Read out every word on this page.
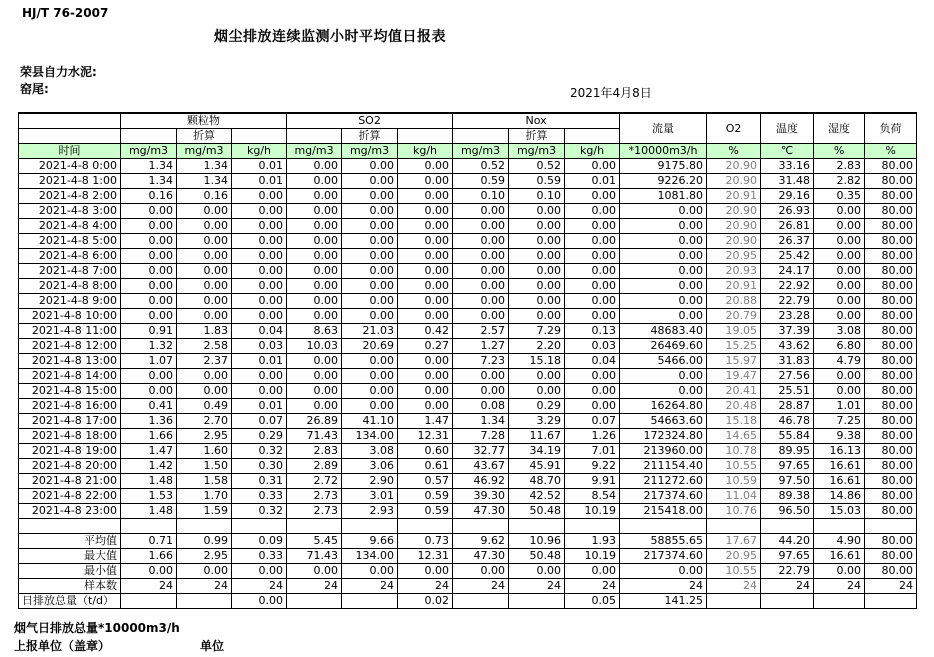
HJ/T 76-2007
烟尘排放连续监测小时平均值日报表
荣县自力水泥:
窑尾:	2021年4月8日
	颗粒物			SO2			Nox			流量	O2	温度	湿度	负荷
		折算			折算			折算						
时间	mg/m3	mg/m3	kg/h	mg/m3	mg/m3	kg/h	mg/m3	mg/m3	kg/h	*10000m3/h	%	℃	%	%
2021-4-8 0:00	1.34	1.34	0.01	0.00	0.00	0.00	0.52	0.52	0.00	9175.80	20.90	33.16	2.83	80.00
2021-4-8 1:00	1.34	1.34	0.01	0.00	0.00	0.00	0.59	0.59	0.01	9226.20	20.90	31.48	2.82	80.00
2021-4-8 2:00	0.16	0.16	0.00	0.00	0.00	0.00	0.10	0.10	0.00	1081.80	20.91	29.16	0.35	80.00
2021-4-8 3:00	0.00	0.00	0.00	0.00	0.00	0.00	0.00	0.00	0.00	0.00	20.90	26.93	0.00	80.00
2021-4-8 4:00	0.00	0.00	0.00	0.00	0.00	0.00	0.00	0.00	0.00	0.00	20.90	26.81	0.00	80.00
2021-4-8 5:00	0.00	0.00	0.00	0.00	0.00	0.00	0.00	0.00	0.00	0.00	20.90	26.37	0.00	80.00
2021-4-8 6:00	0.00	0.00	0.00	0.00	0.00	0.00	0.00	0.00	0.00	0.00	20.95	25.42	0.00	80.00
2021-4-8 7:00	0.00	0.00	0.00	0.00	0.00	0.00	0.00	0.00	0.00	0.00	20.93	24.17	0.00	80.00
2021-4-8 8:00	0.00	0.00	0.00	0.00	0.00	0.00	0.00	0.00	0.00	0.00	20.91	22.92	0.00	80.00
2021-4-8 9:00	0.00	0.00	0.00	0.00	0.00	0.00	0.00	0.00	0.00	0.00	20.88	22.79	0.00	80.00
2021-4-8 10:00	0.00	0.00	0.00	0.00	0.00	0.00	0.00	0.00	0.00	0.00	20.79	23.28	0.00	80.00
2021-4-8 11:00	0.91	1.83	0.04	8.63	21.03	0.42	2.57	7.29	0.13	48683.40	19.05	37.39	3.08	80.00
2021-4-8 12:00	1.32	2.58	0.03	10.03	20.69	0.27	1.27	2.20	0.03	26469.60	15.25	43.62	6.80	80.00
2021-4-8 13:00	1.07	2.37	0.01	0.00	0.00	0.00	7.23	15.18	0.04	5466.00	15.97	31.83	4.79	80.00
2021-4-8 14:00	0.00	0.00	0.00	0.00	0.00	0.00	0.00	0.00	0.00	0.00	19.47	27.56	0.00	80.00
2021-4-8 15:00	0.00	0.00	0.00	0.00	0.00	0.00	0.00	0.00	0.00	0.00	20.41	25.51	0.00	80.00
2021-4-8 16:00	0.41	0.49	0.01	0.00	0.00	0.00	0.08	0.29	0.00	16264.80	20.48	28.87	1.01	80.00
2021-4-8 17:00	1.36	2.70	0.07	26.89	41.10	1.47	1.34	3.29	0.07	54663.60	15.18	46.78	7.25	80.00
2021-4-8 18:00	1.66	2.95	0.29	71.43	134.00	12.31	7.28	11.67	1.26	172324.80	14.65	55.84	9.38	80.00
2021-4-8 19:00	1.47	1.60	0.32	2.83	3.08	0.60	32.77	34.19	7.01	213960.00	10.78	89.95	16.13	80.00
2021-4-8 20:00	1.42	1.50	0.30	2.89	3.06	0.61	43.67	45.91	9.22	211154.40	10.55	97.65	16.61	80.00
2021-4-8 21:00	1.48	1.58	0.31	2.72	2.90	0.57	46.92	48.70	9.91	211272.60	10.59	97.50	16.61	80.00
2021-4-8 22:00	1.53	1.70	0.33	2.73	3.01	0.59	39.30	42.52	8.54	217374.60	11.04	89.38	14.86	80.00
2021-4-8 23:00	1.48	1.59	0.32	2.73	2.93	0.59	47.30	50.48	10.19	215418.00	10.76	96.50	15.03	80.00

平均值	0.71	0.99	0.09	5.45	9.66	0.73	9.62	10.96	1.93	58855.65	17.67	44.20	4.90	80.00
最大值	1.66	2.95	0.33	71.43	134.00	12.31	47.30	50.48	10.19	217374.60	20.95	97.65	16.61	80.00
最小值	0.00	0.00	0.00	0.00	0.00	0.00	0.00	0.00	0.00	0.00	10.55	22.79	0.00	80.00
样本数	24	24	24	24	24	24	24	24	24	24	24	24	24	24
日排放总量（t/d）			0.00			0.02			0.05	141.25				
烟气日排放总量*10000m3/h
上报单位（盖章）	单位
